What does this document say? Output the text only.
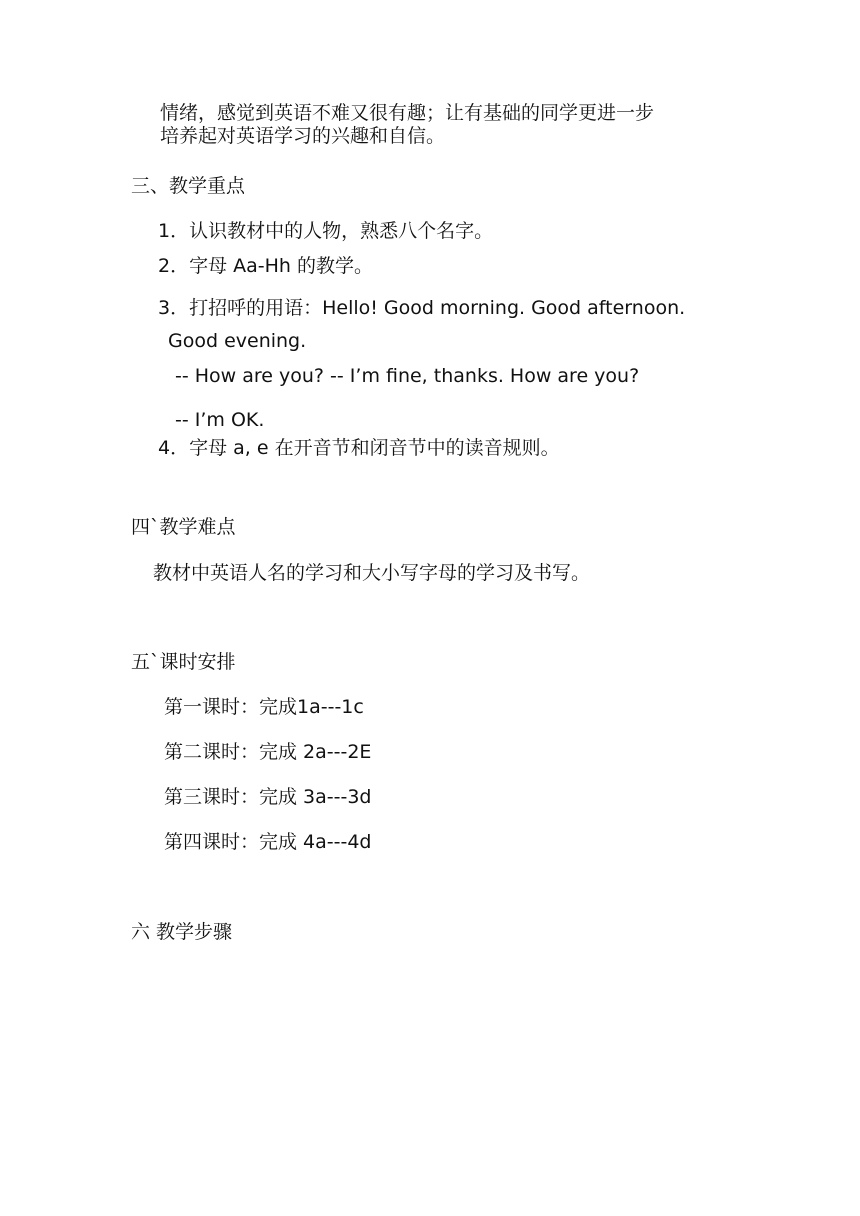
情绪，感觉到英语不难又很有趣；让有基础的同学更进一步

培养起对英语学习的兴趣和自信。

三、教学重点

1．认识教材中的人物，熟悉八个名字。

2．字母 Aa-Hh 的教学。

3．打招呼的用语：Hello! Good morning. Good afternoon.

Good evening.

-- How are you? -- I’m fine, thanks. How are you?

-- I’m OK.

4．字母 a, e 在开音节和闭音节中的读音规则。

四`教学难点

教材中英语人名的学习和大小写字母的学习及书写。

五`课时安排

第一课时：完成1a---1c

第二课时：完成 2a---2E

第三课时：完成 3a---3d

第四课时：完成 4a---4d

六 教学步骤
